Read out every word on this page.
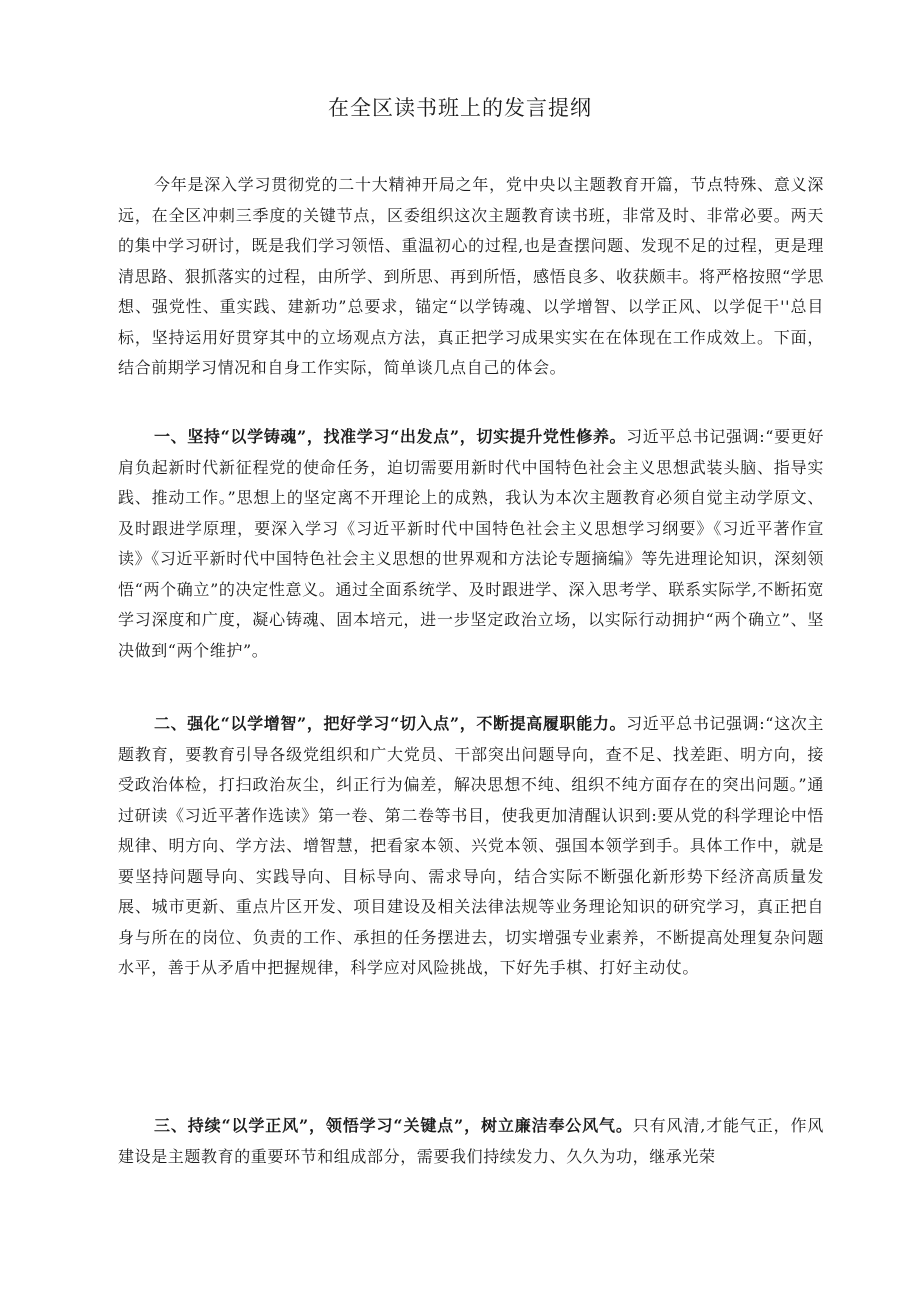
在全区读书班上的发言提纲

今年是深入学习贯彻党的二十大精神开局之年，党中央以主题教育开篇，节点特殊、意义深远，在全区冲刺三季度的关键节点，区委组织这次主题教育读书班，非常及时、非常必要。两天的集中学习研讨，既是我们学习领悟、重温初心的过程,也是查摆问题、发现不足的过程，更是理清思路、狠抓落实的过程，由所学、到所思、再到所悟，感悟良多、收获颇丰。将严格按照“学思想、强党性、重实践、建新功”总要求，锚定“以学铸魂、以学增智、以学正风、以学促干''总目标，坚持运用好贯穿其中的立场观点方法，真正把学习成果实实在在体现在工作成效上。下面，结合前期学习情况和自身工作实际，简单谈几点自己的体会。

一、坚持“以学铸魂”，找准学习“出发点”，切实提升党性修养。习近平总书记强调:“要更好肩负起新时代新征程党的使命任务，迫切需要用新时代中国特色社会主义思想武装头脑、指导实践、推动工作。”思想上的坚定离不开理论上的成熟，我认为本次主题教育必须自觉主动学原文、及时跟进学原理，要深入学习《习近平新时代中国特色社会主义思想学习纲要》《习近平著作宣读》《习近平新时代中国特色社会主义思想的世界观和方法论专题摘编》等先进理论知识，深刻领悟“两个确立”的决定性意义。通过全面系统学、及时跟进学、深入思考学、联系实际学,不断拓宽学习深度和广度，凝心铸魂、固本培元，进一步坚定政治立场，以实际行动拥护“两个确立”、坚决做到“两个维护”。

二、强化“以学增智”，把好学习“切入点”，不断提高履职能力。习近平总书记强调:“这次主题教育，要教育引导各级党组织和广大党员、干部突出问题导向，查不足、找差距、明方向，接受政治体检，打扫政治灰尘，纠正行为偏差，解决思想不纯、组织不纯方面存在的突出问题。”通过研读《习近平著作选读》第一卷、第二卷等书目，使我更加清醒认识到:要从党的科学理论中悟规律、明方向、学方法、增智慧，把看家本领、兴党本领、强国本领学到手。具体工作中，就是要坚持问题导向、实践导向、目标导向、需求导向，结合实际不断强化新形势下经济高质量发展、城市更新、重点片区开发、项目建设及相关法律法规等业务理论知识的研究学习，真正把自身与所在的岗位、负责的工作、承担的任务摆进去，切实增强专业素养，不断提高处理复杂问题水平，善于从矛盾中把握规律，科学应对风险挑战，下好先手棋、打好主动仗。

三、持续“以学正风”，领悟学习“关键点”，树立廉洁奉公风气。只有风清,才能气正，作风建设是主题教育的重要环节和组成部分，需要我们持续发力、久久为功，继承光荣
